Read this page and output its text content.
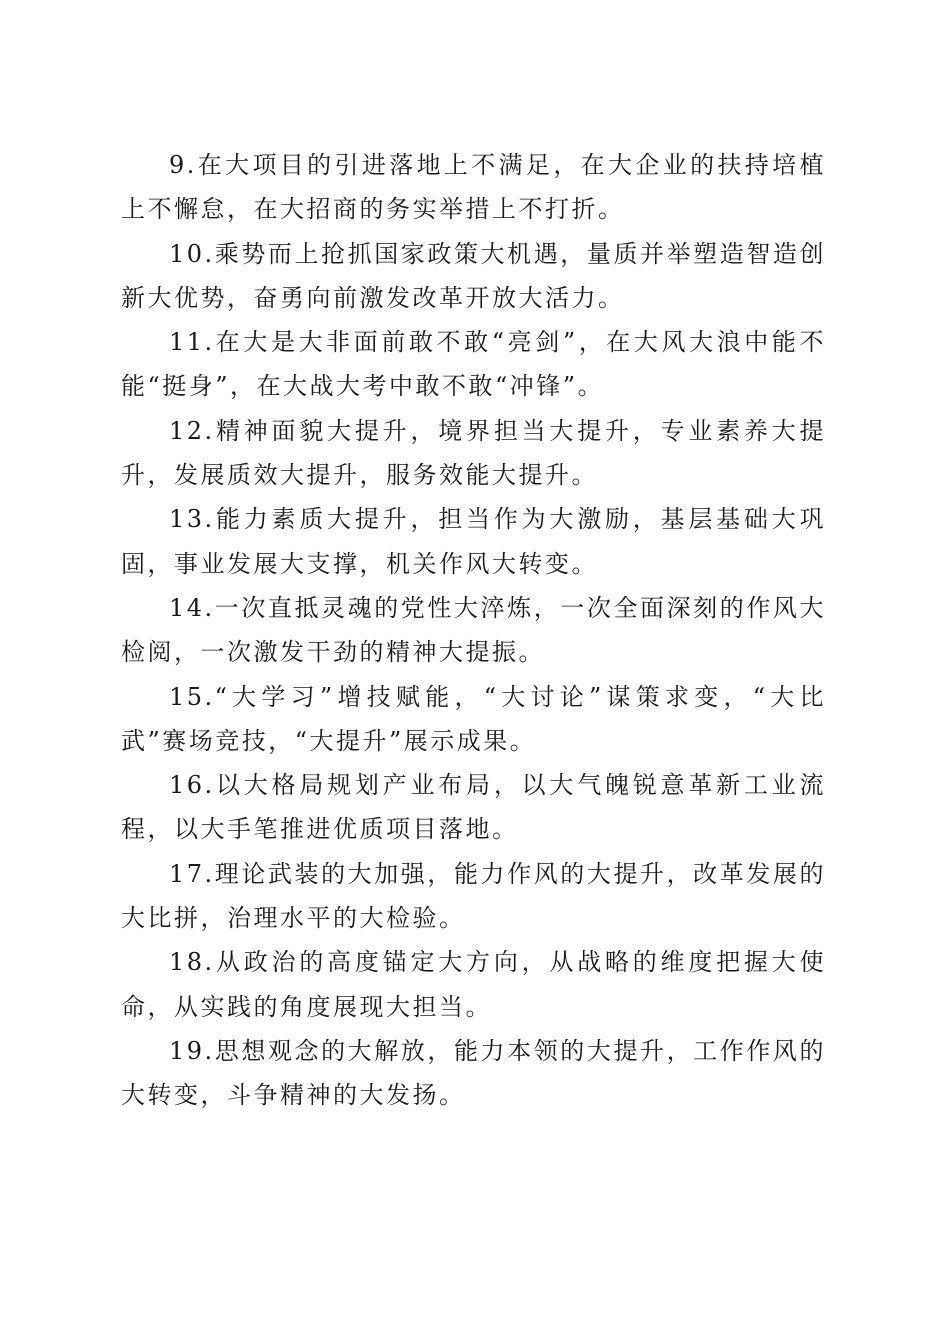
9.在大项目的引进落地上不满足，在大企业的扶持培植上不懈怠，在大招商的务实举措上不打折。

10.乘势而上抢抓国家政策大机遇，量质并举塑造智造创新大优势，奋勇向前激发改革开放大活力。

11.在大是大非面前敢不敢“亮剑”，在大风大浪中能不能“挺身”，在大战大考中敢不敢“冲锋”。

12.精神面貌大提升，境界担当大提升，专业素养大提升，发展质效大提升，服务效能大提升。

13.能力素质大提升，担当作为大激励，基层基础大巩固，事业发展大支撑，机关作风大转变。

14.一次直抵灵魂的党性大淬炼，一次全面深刻的作风大检阅，一次激发干劲的精神大提振。

15.“大学习”增技赋能，“大讨论”谋策求变，“大比武”赛场竞技，“大提升”展示成果。

16.以大格局规划产业布局，以大气魄锐意革新工业流程，以大手笔推进优质项目落地。

17.理论武装的大加强，能力作风的大提升，改革发展的大比拼，治理水平的大检验。

18.从政治的高度锚定大方向，从战略的维度把握大使命，从实践的角度展现大担当。

19.思想观念的大解放，能力本领的大提升，工作作风的大转变，斗争精神的大发扬。
